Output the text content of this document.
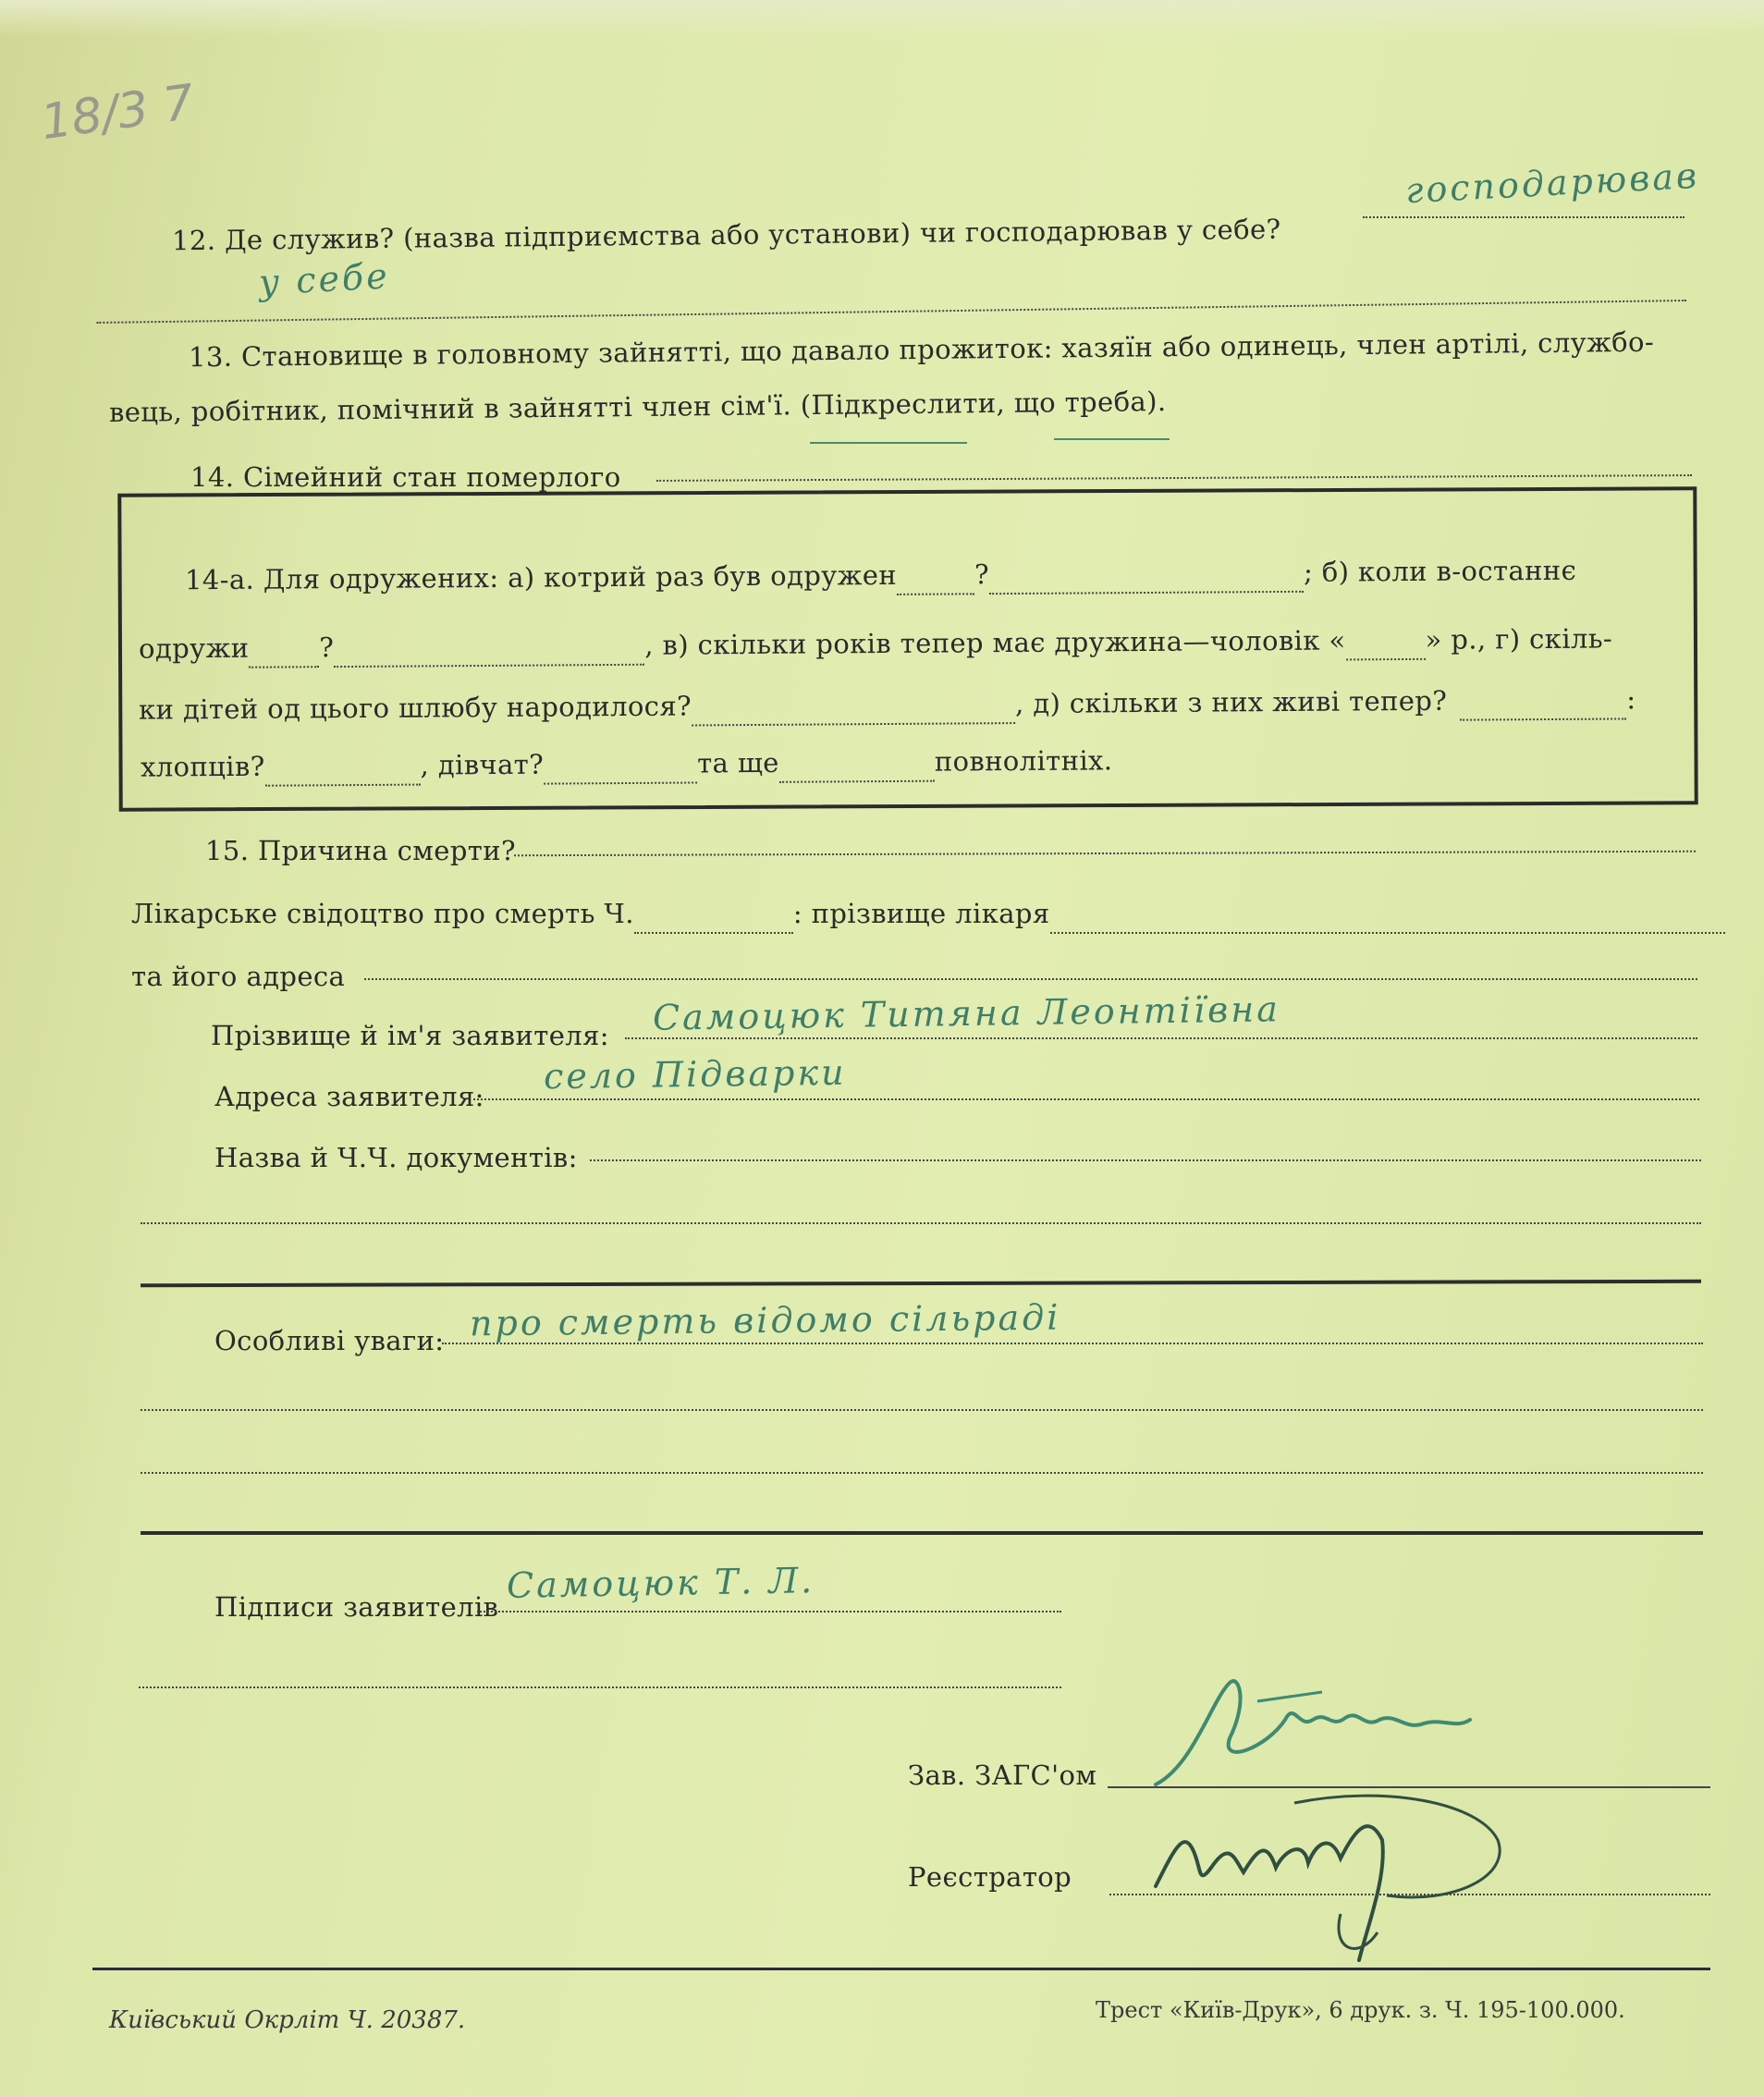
18/3 7
12. Де служив? (назва підприємства або установи) чи господарював у себе?
господарював
у себе
13. Становище в головному зайнятті, що давало прожиток: хазяїн або одинець, член артілі, службо-
вець, робітник, помічний в зайнятті член сім'ї. (Підкреслити, що треба).
14. Сімейний стан померлого
14-а. Для одружених: а) котрий раз був одружен	?	; б) коли в-останнє
одружи	?	, в) скільки років тепер має дружина—чоловік «	» р., г) скіль-
ки дітей од цього шлюбу народилося?	, д) скільки з них живі тепер?	:
хлопців?	, дівчат?	та ще	повнолітніх.
15. Причина смерти?
Лікарське свідоцтво про смерть Ч.	: прізвище лікаря
та його адреса
Прізвище й ім'я заявителя: Самоцюк Титяна Леонтіївна
Адреса заявителя: село Підварки
Назва й Ч.Ч. документів:
Особливі уваги: про смерть відомо сільраді
Підписи заявителів
Самоцюк Т. Л.
Зав. ЗАГС'ом
Реєстратор
Київський Окрліт Ч. 20387.	Трест «Київ-Друк», 6 друк. з. Ч. 195-100.000.
